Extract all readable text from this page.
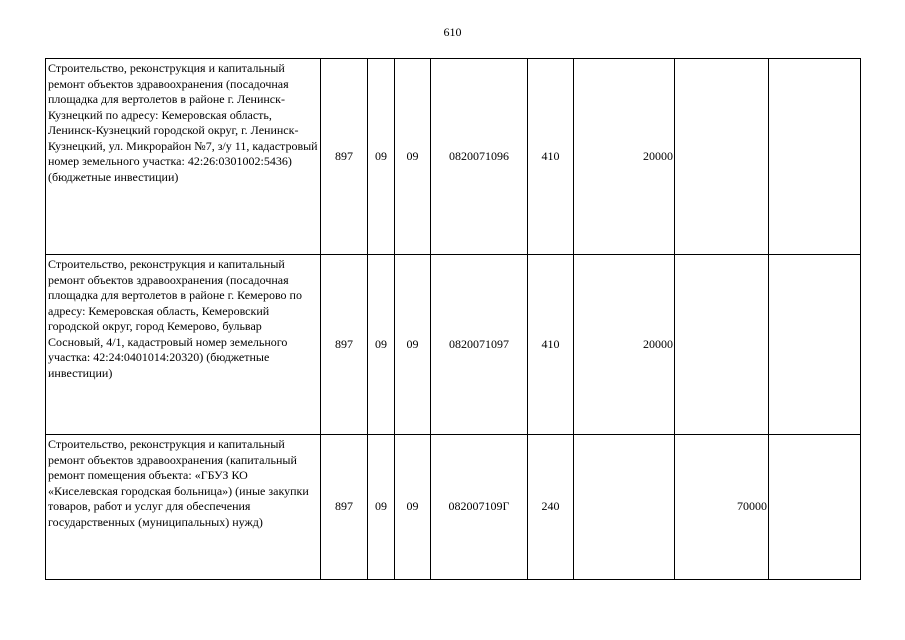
610
Строительство, реконструкция и капитальный ремонт объектов здравоохранения (посадочная площадка для вертолетов в районе г. Ленинск-Кузнецкий по адресу: Кемеровская область, Ленинск-Кузнецкий городской округ, г. Ленинск-Кузнецкий, ул. Микрорайон №7, з/у 11, кадастровый номер земельного участка: 42:26:0301002:5436) (бюджетные инвестиции)	897	09	09	0820071096	410	20000		
Строительство, реконструкция и капитальный ремонт объектов здравоохранения (посадочная площадка для вертолетов в районе г. Кемерово по адресу: Кемеровская область, Кемеровский городской округ, город Кемерово, бульвар Сосновый, 4/1, кадастровый номер земельного участка: 42:24:0401014:20320) (бюджетные инвестиции)	897	09	09	0820071097	410	20000		
Строительство, реконструкция и капитальный ремонт объектов здравоохранения (капитальный ремонт помещения объекта: «ГБУЗ КО «Киселевская городская больница») (иные закупки товаров, работ и услуг для обеспечения государственных (муниципальных) нужд)	897	09	09	082007109Г	240		70000	
